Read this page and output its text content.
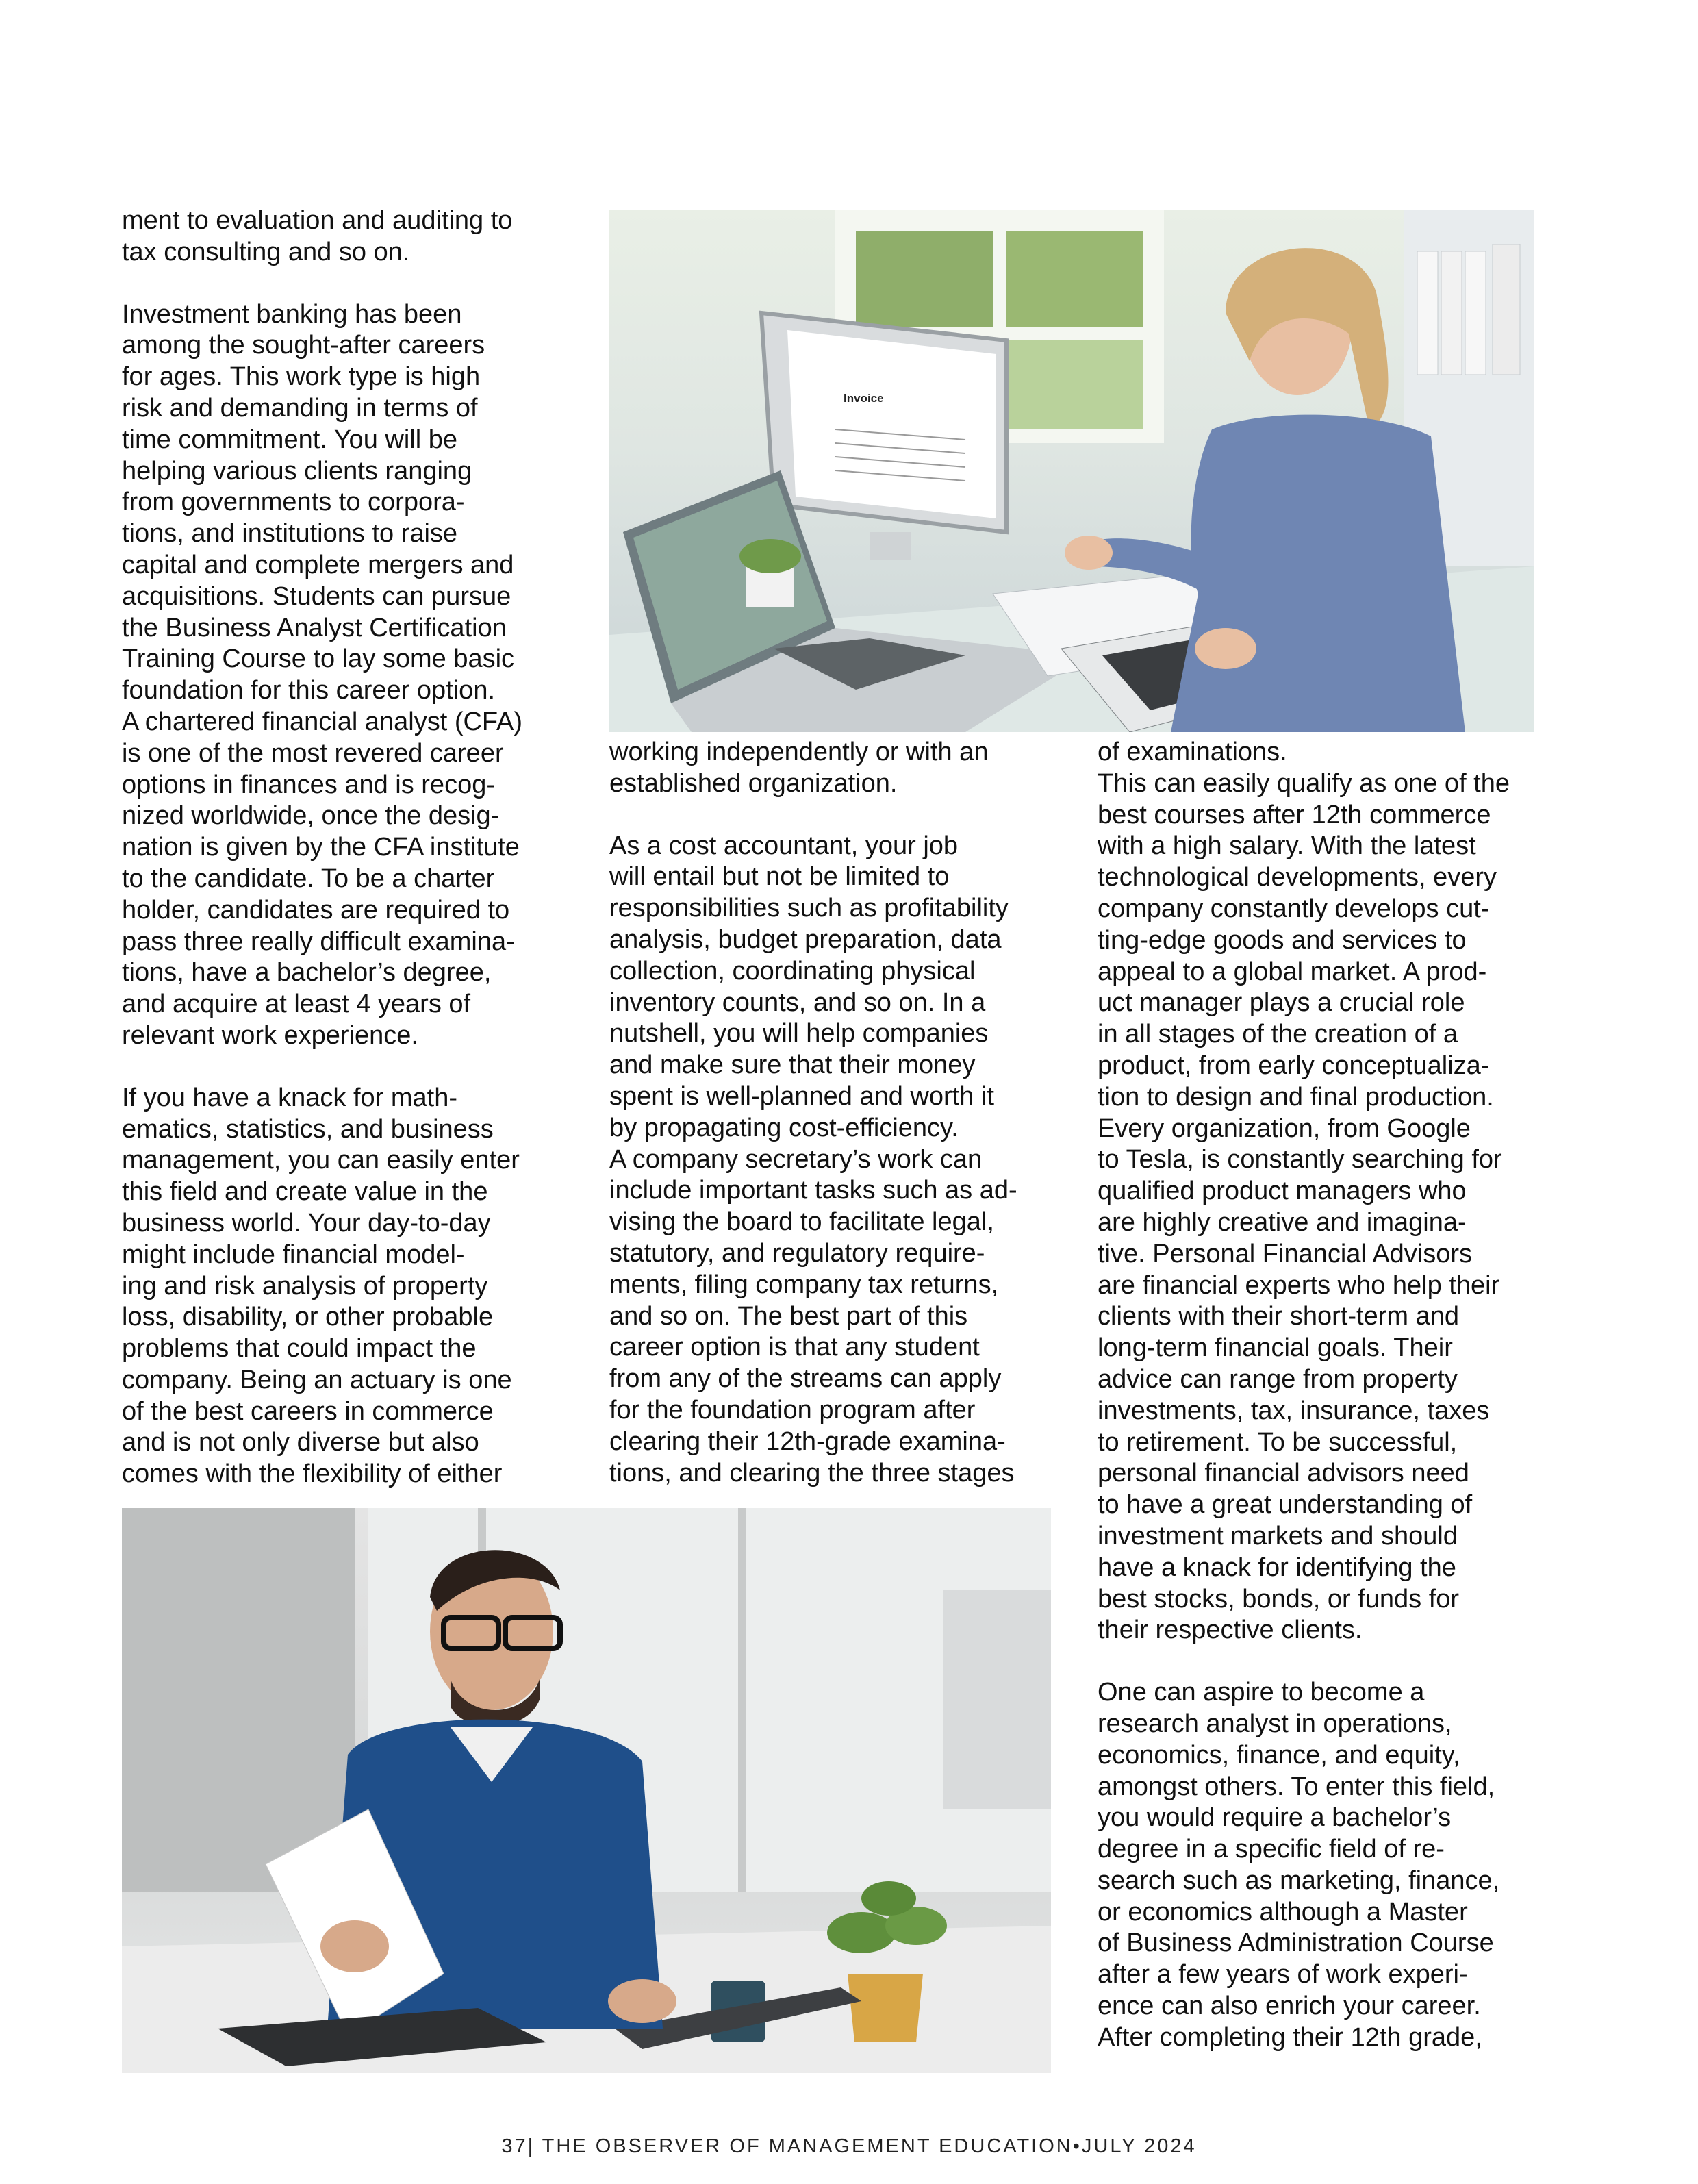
ment to evaluation and auditing to
tax consulting and so on.

Investment banking has been
among the sought-after careers
for ages. This work type is high
risk and demanding in terms of
time commitment. You will be
helping various clients ranging
from governments to corpora-
tions, and institutions to raise
capital and complete mergers and
acquisitions. Students can pursue
the Business Analyst Certification
Training Course to lay some basic
foundation for this career option.
A chartered financial analyst (CFA)
is one of the most revered career
options in finances and is recog-
nized worldwide, once the desig-
nation is given by the CFA institute
to the candidate. To be a charter
holder, candidates are required to
pass three really difficult examina-
tions, have a bachelor’s degree,
and acquire at least 4 years of
relevant work experience.

If you have a knack for math-
ematics, statistics, and business
management, you can easily enter
this field and create value in the
business world. Your day-to-day
might include financial model-
ing and risk analysis of property
loss, disability, or other probable
problems that could impact the
company. Being an actuary is one
of the best careers in commerce
and is not only diverse but also
comes with the flexibility of either

working independently or with an
established organization.

As a cost accountant, your job
will entail but not be limited to
responsibilities such as profitability
analysis, budget preparation, data
collection, coordinating physical
inventory counts, and so on. In a
nutshell, you will help companies
and make sure that their money
spent is well-planned and worth it
by propagating cost-efficiency.
A company secretary’s work can
include important tasks such as ad-
vising the board to facilitate legal,
statutory, and regulatory require-
ments, filing company tax returns,
and so on. The best part of this
career option is that any student
from any of the streams can apply
for the foundation program after
clearing their 12th-grade examina-
tions, and clearing the three stages

of examinations.
This can easily qualify as one of the
best courses after 12th commerce
with a high salary. With the latest
technological developments, every
company constantly develops cut-
ting-edge goods and services to
appeal to a global market. A prod-
uct manager plays a crucial role
in all stages of the creation of a
product, from early conceptualiza-
tion to design and final production.
Every organization, from Google
to Tesla, is constantly searching for
qualified product managers who
are highly creative and imagina-
tive. Personal Financial Advisors
are financial experts who help their
clients with their short-term and
long-term financial goals. Their
advice can range from property
investments, tax, insurance, taxes
to retirement. To be successful,
personal financial advisors need
to have a great understanding of
investment markets and should
have a knack for identifying the
best stocks, bonds, or funds for
their respective clients.

One can aspire to become a
research analyst in operations,
economics, finance, and equity,
amongst others. To enter this field,
you would require a bachelor’s
degree in a specific field of re-
search such as marketing, finance,
or economics although a Master
of Business Administration Course
after a few years of work experi-
ence can also enrich your career.
After completing their 12th grade,

Invoice
37| THE OBSERVER OF MANAGEMENT EDUCATION•JULY 2024
